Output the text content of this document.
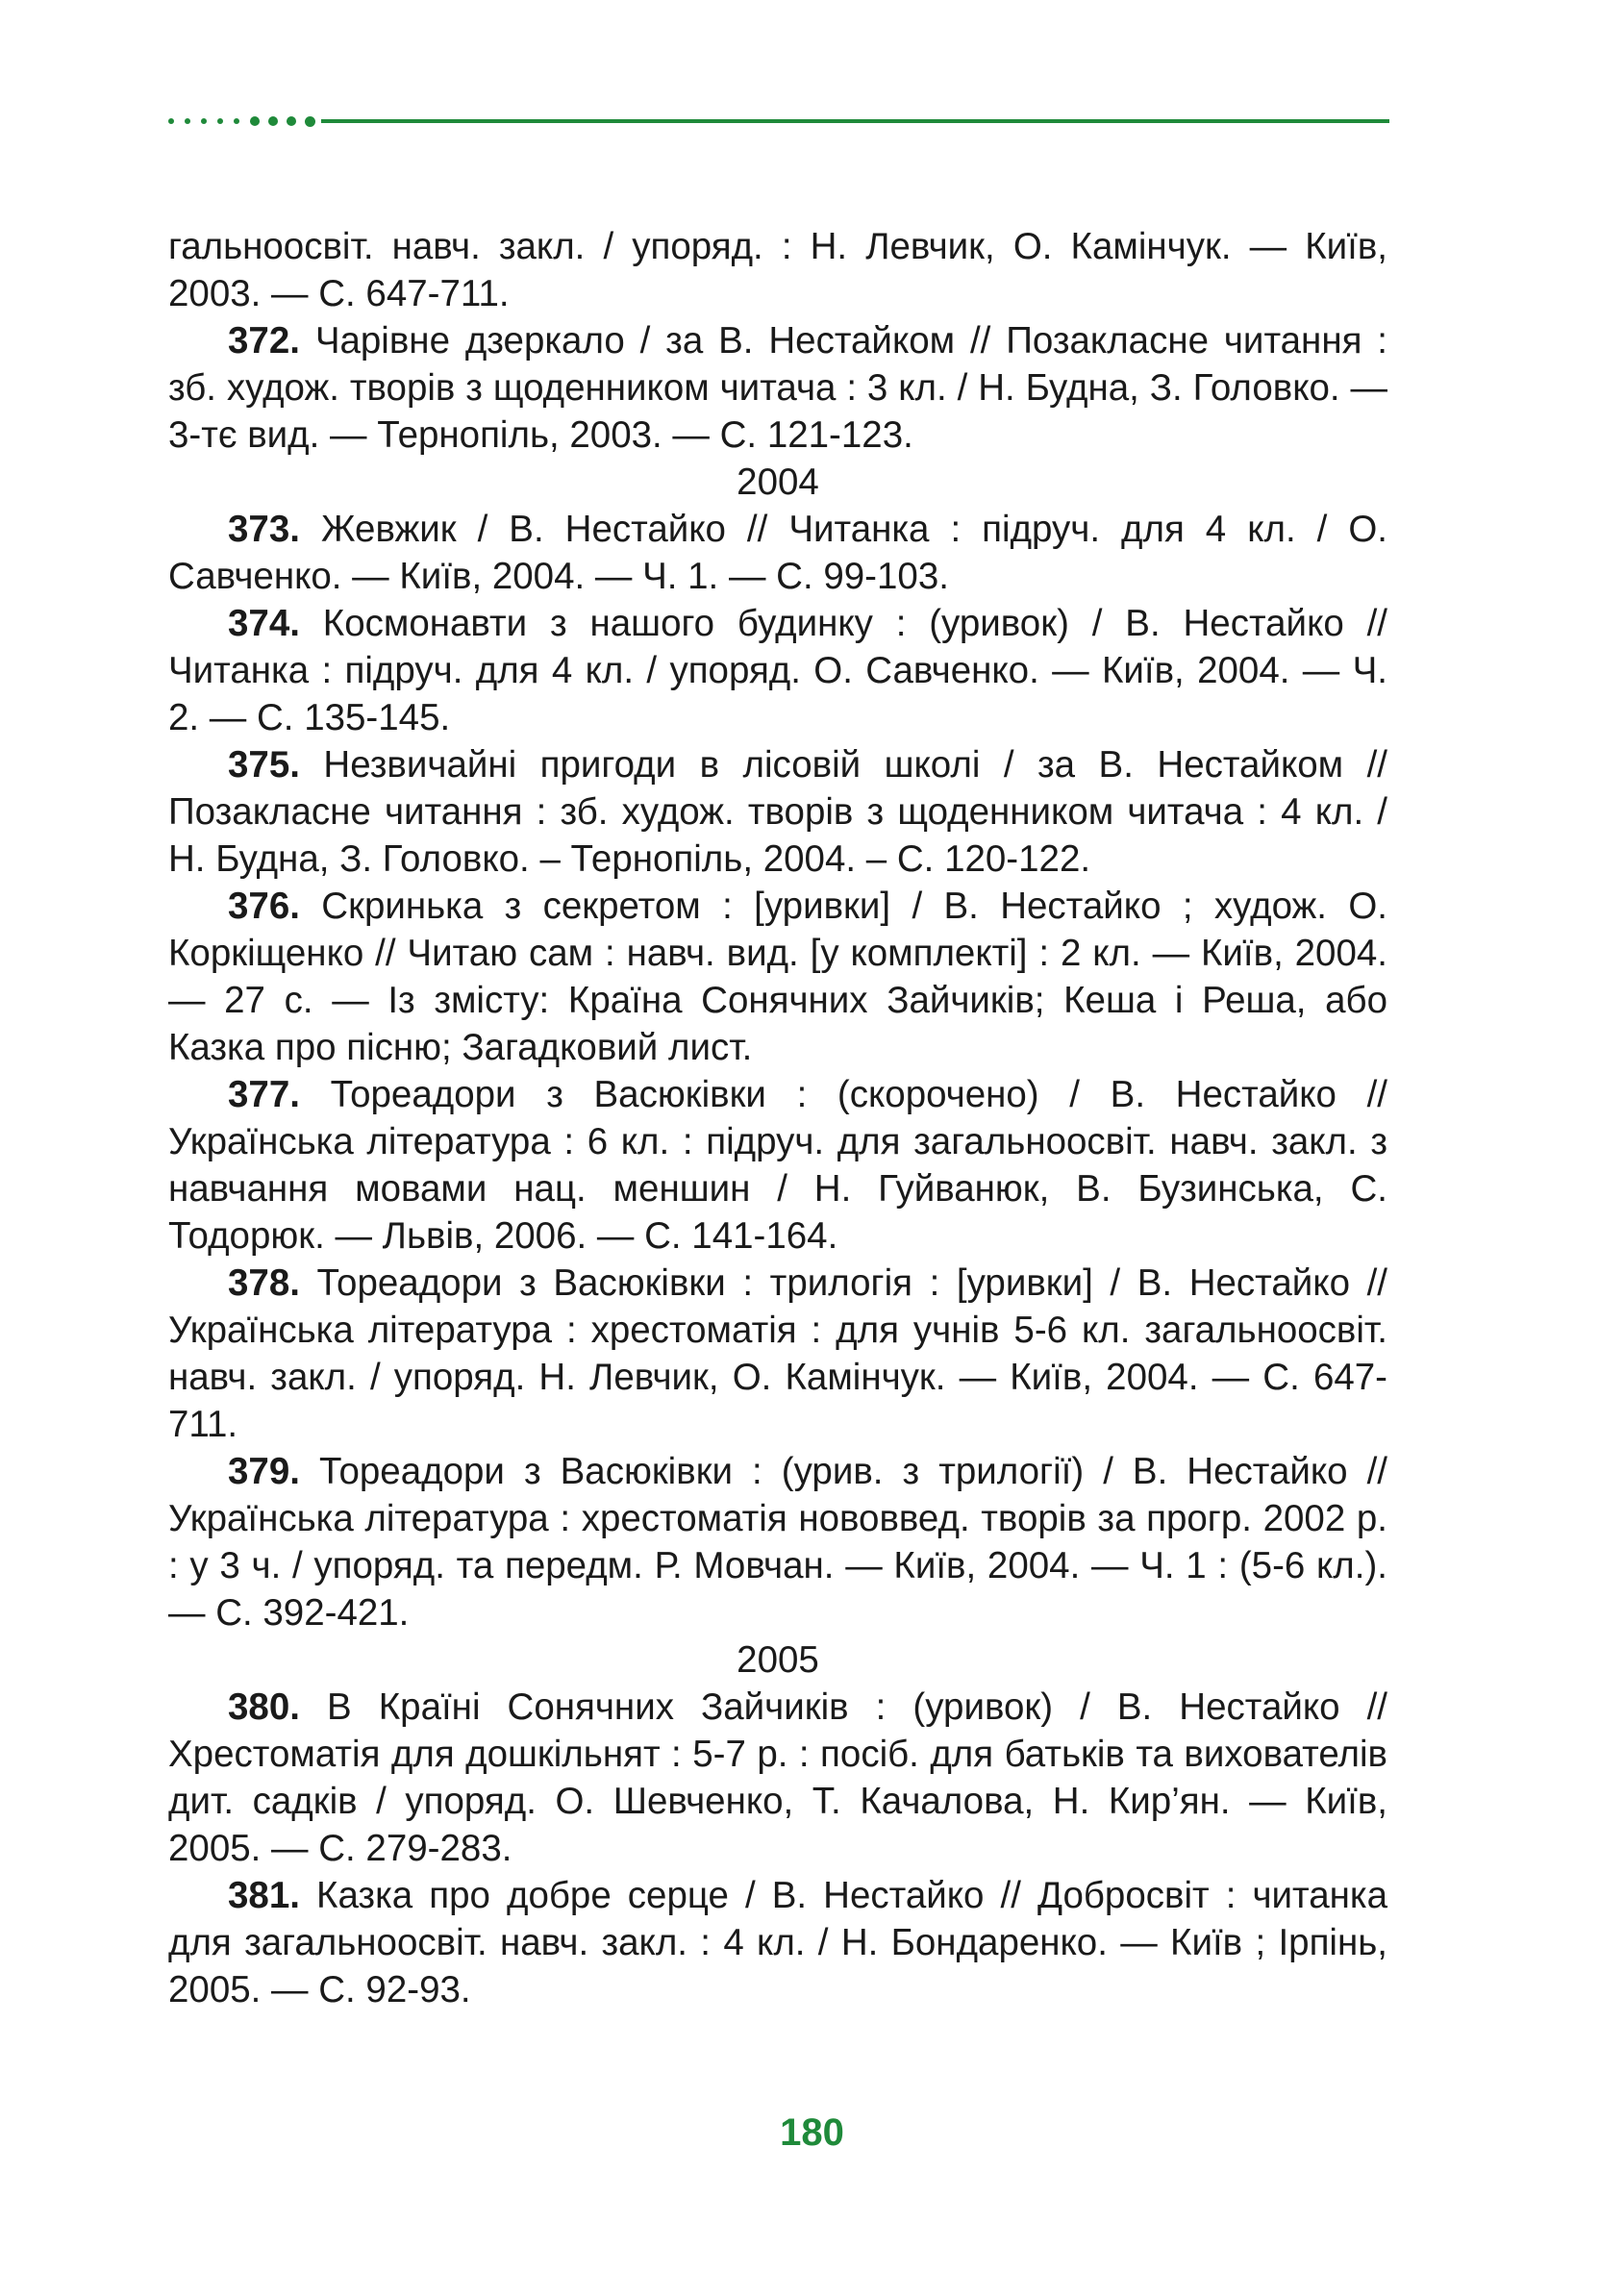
гальноосвіт. навч. закл. / упоряд. : Н. Левчик, О. Камінчук. — Київ, 2003. — С. 647-711.

372. Чарівне дзеркало / за В. Нестайком // Позакласне читання : зб. худож. творів з щоденником читача : 3 кл. / Н. Будна, З. Головко. — 3-тє вид. — Тернопіль, 2003. — С. 121-123.

2004

373. Жевжик / В. Нестайко // Читанка : підруч. для 4 кл. / О. Савченко. — Київ, 2004. — Ч. 1. — С. 99-103.

374. Космонавти з нашого будинку : (уривок) / В. Нестайко // Читанка : підруч. для 4 кл. / упоряд. О. Савченко. — Київ, 2004. — Ч. 2. — С. 135-145.

375. Незвичайні пригоди в лісовій школі / за В. Нестайком // Позакласне читання : зб. худож. творів з щоденником читача : 4 кл. / Н. Будна, З. Головко. – Тернопіль, 2004. – С. 120-122.

376. Скринька з секретом : [уривки] / В. Нестайко ; худож. О. Коркіщенко // Читаю сам : навч. вид. [у комплекті] : 2 кл. — Київ, 2004. — 27 с. — Із змісту: Країна Сонячних Зайчиків; Кеша і Реша, або Казка про пісню; Загадковий лист.

377. Тореадори з Васюківки : (скорочено) / В. Нестайко // Українська література : 6 кл. : підруч. для загальноосвіт. навч. закл. з навчання мовами нац. меншин / Н. Гуйванюк, В. Бузинська, С. Тодорюк. — Львів, 2006. — С. 141-164.

378. Тореадори з Васюківки : трилогія : [уривки] / В. Нестайко // Українська література : хрестоматія : для учнів 5-6 кл. загальноосвіт. навч. закл. / упоряд. Н. Левчик, О. Камінчук. — Київ, 2004. — С. 647-711.

379. Тореадори з Васюківки : (урив. з трилогії) / В. Нестайко // Українська література : хрестоматія нововвед. творів за прогр. 2002 р. : у 3 ч. / упоряд. та передм. Р. Мовчан. — Київ, 2004. — Ч. 1 : (5-6 кл.). — С. 392-421.

2005

380. В Країні Сонячних Зайчиків : (уривок) / В. Нестайко // Хрестоматія для дошкільнят : 5-7 р. : посіб. для батьків та вихователів дит. садків / упоряд. О. Шевченко, Т. Качалова, Н. Кир’ян. — Київ, 2005. — С. 279-283.

381. Казка про добре серце / В. Нестайко // Добросвіт : читанка для загальноосвіт. навч. закл. : 4 кл. / Н. Бондаренко. — Київ ; Ірпінь, 2005. — С. 92-93.

180
